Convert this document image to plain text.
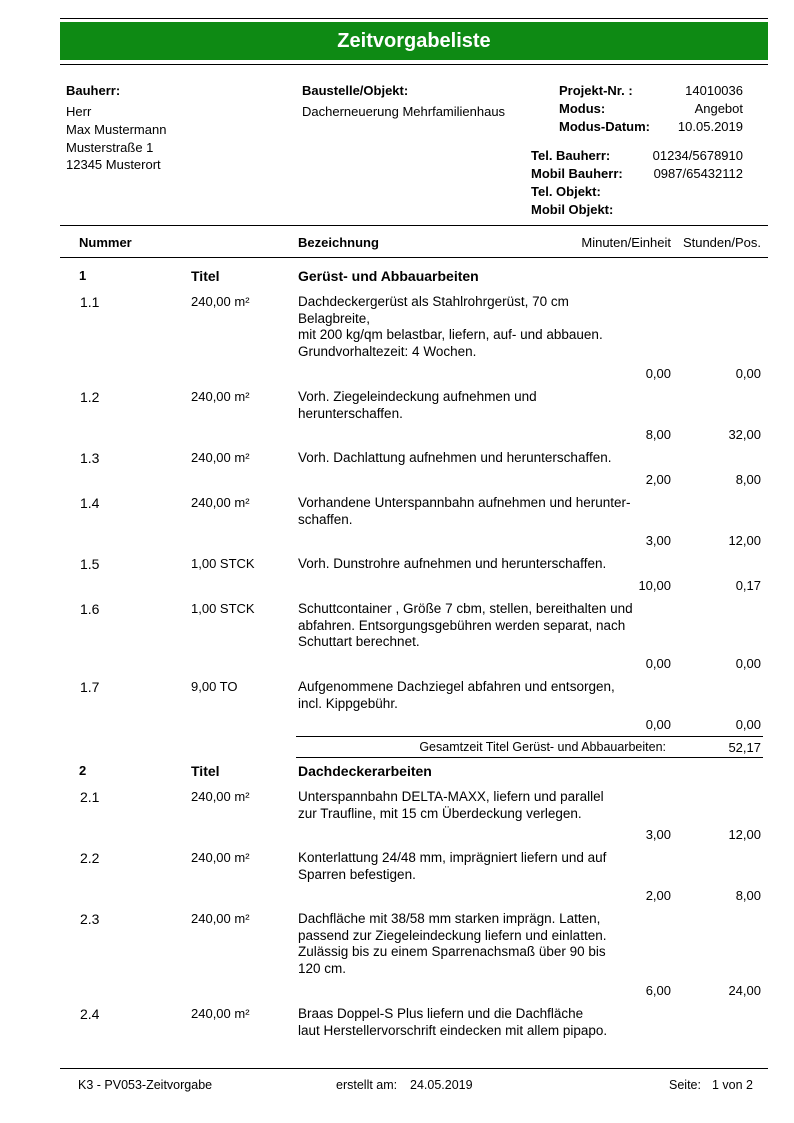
Zeitvorgabeliste
Bauherr:
Herr
Max Mustermann
Musterstraße 1
12345 Musterort
Baustelle/Objekt:
Dacherneuerung Mehrfamilienhaus
Projekt-Nr. :	14010036
Modus:	Angebot
Modus-Datum: 10.05.2019
Tel. Bauherr:	01234/5678910
Mobil Bauherr: 0987/65432112
Tel. Objekt:
Mobil Objekt:
Nummer	Bezeichnung	Minuten/Einheit Stunden/Pos.
1	Titel	Gerüst- und Abbauarbeiten
1.1	240,00 m²	Dachdeckergerüst als Stahlrohrgerüst, 70 cm
Belagbreite,
mit 200 kg/qm belastbar, liefern, auf- und abbauen.
Grundvorhaltezeit: 4 Wochen.
0,00	0,00
1.2	240,00 m²	Vorh. Ziegeleindeckung aufnehmen und
herunterschaffen.
8,00	32,00
1.3	240,00 m²	Vorh. Dachlattung aufnehmen und herunterschaffen.
2,00	8,00
1.4	240,00 m²	Vorhandene Unterspannbahn aufnehmen und herunter-
schaffen.
3,00	12,00
1.5	1,00 STCK	Vorh. Dunstrohre aufnehmen und herunterschaffen.
10,00	0,17
1.6	1,00 STCK	Schuttcontainer , Größe 7 cbm, stellen, bereithalten und
abfahren. Entsorgungsgebühren werden separat, nach
Schuttart berechnet.
0,00	0,00
1.7	9,00 TO	Aufgenommene Dachziegel abfahren und entsorgen,
incl. Kippgebühr.
0,00	0,00
Gesamtzeit Titel Gerüst- und Abbauarbeiten:	52,17
2	Titel	Dachdeckerarbeiten
2.1	240,00 m²	Unterspannbahn DELTA-MAXX, liefern und parallel
zur Traufline, mit 15 cm Überdeckung verlegen.
3,00	12,00
2.2	240,00 m²	Konterlattung 24/48 mm, imprägniert liefern und auf
Sparren befestigen.
2,00	8,00
2.3	240,00 m²	Dachfläche mit 38/58 mm starken imprägn. Latten,
passend zur Ziegeleindeckung liefern und einlatten.
Zulässig bis zu einem Sparrenachsmaß über 90 bis
120 cm.
6,00	24,00
2.4	240,00 m²	Braas Doppel-S Plus liefern und die Dachfläche
laut Herstellervorschrift eindecken mit allem pipapo.
K3 - PV053-Zeitvorgabe	erstellt am: 24.05.2019	Seite: 1 von 2
